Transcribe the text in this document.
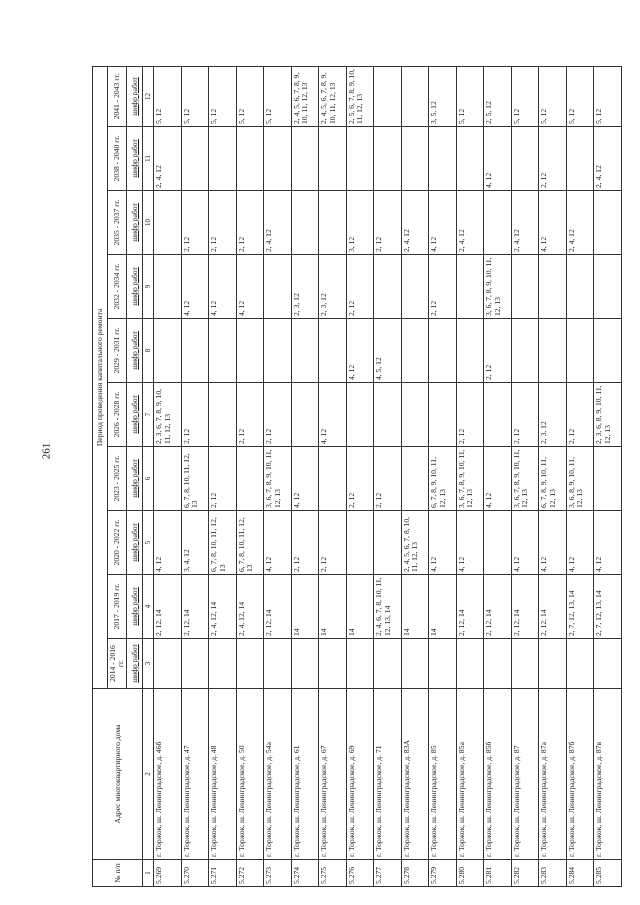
261
№ п/п	Адрес многоквартирного дома	Период проведения капитального ремонта									
		2014 - 2016 гг.	2017 - 2019 гг.	2020 - 2022 гг.	2023 - 2025 гг.	2026 - 2028 гг.	2029 - 2031 гг.	2032 - 2034 гг.	2035 - 2037 гг.	2038 - 2040 гг.	2041 - 2043 гг.
		шифр работ	шифр работ	шифр работ	шифр работ	шифр работ	шифр работ	шифр работ	шифр работ	шифр работ	шифр работ
1	2	3	4	5	6	7	8	9	10	11	12
5.269	г. Торжок, ш. Ленинградское, д. 46б		2, 12, 14	4, 12		2, 3, 6, 7, 8, 9, 10, 11, 12, 13				2, 4, 12	5, 12
5.270	г. Торжок, ш. Ленинградское, д. 47		2, 12, 14	3, 4, 12	6, 7, 8, 10, 11, 12, 13	2, 12		4, 12	2, 12		5, 12
5.271	г. Торжок, ш. Ленинградское, д. 48		2, 4, 12, 14	6, 7, 8, 10, 11, 12, 13	2, 12			4, 12	2, 12		5, 12
5.272	г. Торжок, ш. Ленинградское, д. 50		2, 4, 12, 14	6, 7, 8, 10, 11, 12, 13		2, 12		4, 12	2, 12		5, 12
5.273	г. Торжок, ш. Ленинградское, д. 54а		2, 12, 14	4, 12	3, 6, 7, 8, 9, 10, 11, 12, 13	2, 12			2, 4, 12		5, 12
5.274	г. Торжок, ш. Ленинградское, д. 61		14	2, 12	4, 12			2, 3, 12			2, 4, 5, 6, 7, 8, 9, 10, 11, 12, 13
5.275	г. Торжок, ш. Ленинградское, д. 67		14	2, 12		4, 12		2, 3, 12			2, 4, 5, 6, 7, 8, 9, 10, 11, 12, 13
5.276	г. Торжок, ш. Ленинградское, д. 69		14		2, 12		4, 12	2, 12	3, 12		2, 5, 6, 7, 8, 9, 10, 11, 12, 13
5.277	г. Торжок, ш. Ленинградское, д. 71		2, 4, 6, 7, 8, 10, 11, 12, 13, 14		2, 12		4, 5, 12		2, 12		
5.278	г. Торжок, ш. Ленинградское, д. 83А		14	2, 4, 5, 6, 7, 8, 10, 11, 12, 13					2, 4, 12		
5.279	г. Торжок, ш. Ленинградское, д. 85		14	4, 12	6, 7, 8, 9, 10, 11, 12, 13			2, 12	4, 12		3, 5, 12
5.280	г. Торжок, ш. Ленинградское, д. 85а		2, 12, 14	4, 12	3, 6, 7, 8, 9, 10, 11, 12, 13	2, 12			2, 4, 12		5, 12
5.281	г. Торжок, ш. Ленинградское, д. 85б		2, 12, 14		4, 12		2, 12	3, 6, 7, 8, 9, 10, 11, 12, 13		4, 12	2, 5, 12
5.282	г. Торжок, ш. Ленинградское, д. 87		2, 12, 14	4, 12	3, 6, 7, 8, 9, 10, 11, 12, 13	2, 12			2, 4, 12		5, 12
5.283	г. Торжок, ш. Ленинградское, д. 87а		2, 12, 14	4, 12	6, 7, 8, 9, 10, 11, 12, 13	2, 3, 12			4, 12	2, 12	5, 12
5.284	г. Торжок, ш. Ленинградское, д. 87б		2, 7, 12, 13, 14	4, 12	3, 6, 8, 9, 10, 11, 12, 13	2, 12			2, 4, 12		5, 12
5.285	г. Торжок, ш. Ленинградское, д. 87в		2, 7, 12, 13, 14	4, 12		2, 3, 6, 8, 9, 10, 11, 12, 13				2, 4, 12	5, 12
